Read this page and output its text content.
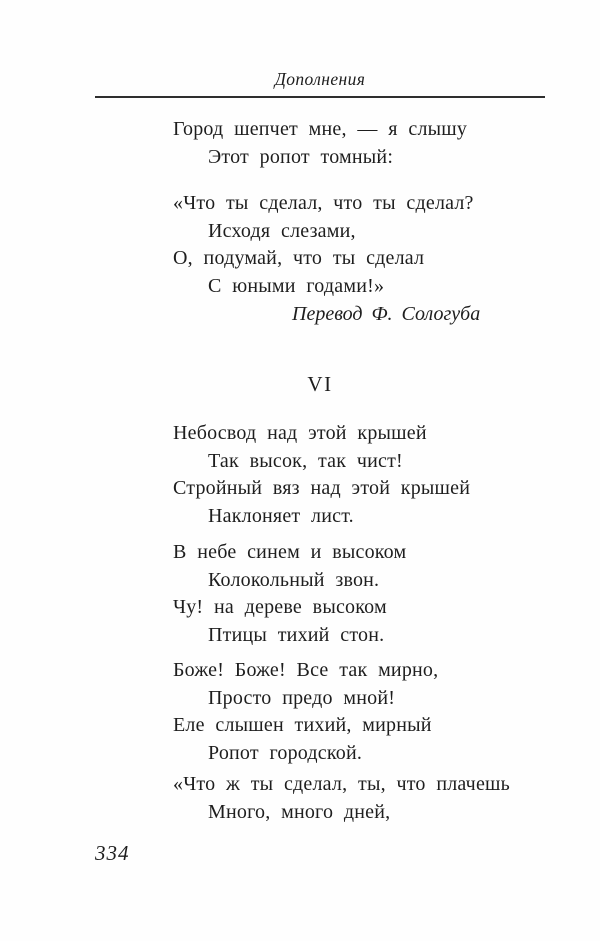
Дополнения
Город шепчет мне, — я слышу
Этот ропот томный:
«Что ты сделал, что ты сделал?
Исходя слезами,
О, подумай, что ты сделал
С юными годами!»
Перевод Ф. Сологуба
VI
Небосвод над этой крышей
Так высок, так чист!
Стройный вяз над этой крышей
Наклоняет лист.
В небе синем и высоком
Колокольный звон.
Чу! на дереве высоком
Птицы тихий стон.
Боже! Боже! Все так мирно,
Просто предо мной!
Еле слышен тихий, мирный
Ропот городской.
«Что ж ты сделал, ты, что плачешь
Много, много дней,
334
